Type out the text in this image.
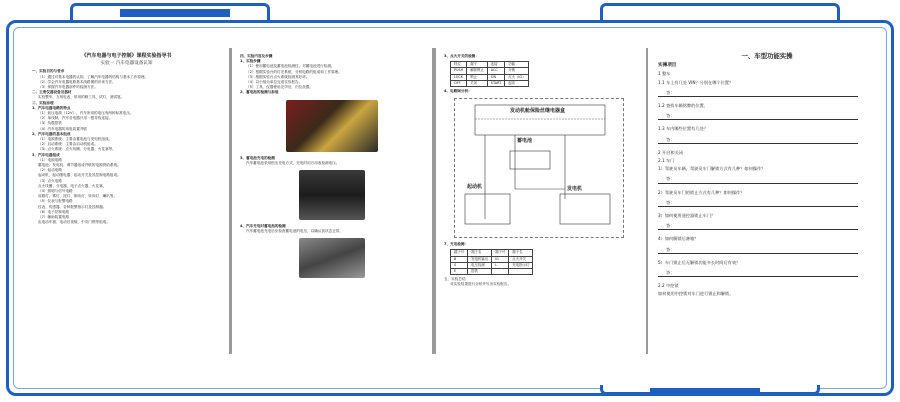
《汽车电器与电子控制》课程实验指导书
实验一 汽车电器设备认知
一、实验目的与要求
（1）通过对基本电器的认知，了解汽车电器的结构与基本工作原理。
（2）学会汽车电器电路基本线路图的识读方法。
（3）掌握汽车电器部件的检测方法。
二、主要仪器设备及器材
实验整车，万用电表，常用的修工具，试灯，测试笔。
三、实验原理
1、汽车电器电路的特点
（1）低压电源（12V），汽车所用的电压有两种标准电压。
（2）单线制，汽车各电器只用一根导线连接。
（3）负极搭铁
（4）汽车电器的用电装置并联
2、汽车电器的基本组成
（1）电源系统：主要由蓄电池与发电机组成。
（2）启动系统：主要由启动机组成。
（3）点火系统：点火线圈、分电器、火花塞等。
3、汽车电器组成
（1）电源电路
蓄电池、发电机、调节器组成并联的电源供给系统。
（2）起动电路
起动机、起动继电器、起动开关及其控制电路组成。
（3）点火电路
点火线圈、分电器、电子点火器、火花塞。
（4）照明与信号电路
前照灯、雾灯、尾灯、制动灯、转向灯、喇叭等。
（5）仪表与报警电路
仪表、传感器、各种报警指示灯及控制器。
（6）电子控制电路
（7）辅助装置电路
由电动车窗、电动后视镜、中央门锁等组成。
四、实验内容及步骤
1、实验步骤
（1）使用蓄电池及蓄电池检测仪，对蓄电池进行检测。
（2）根据实验台的灯光系统，分析电路的组成和工作原理。
（3）根据实验台点火系统检测其好坏。
（4）以小组为单位完成实验报告。
（5）工具、仪器使用完毕后，归位放置。
2、蓄电池的检测与拆装
3、蓄电池充电的检测
汽车蓄电池采用恒压充电方式，充电时用万用表检测电压。
4、汽车充电时蓄电池的检测
汽车蓄电池充电后应检查蓄电池的电压，以确认其状态正常。
3、点火开关的检测：
档位	端子	连接	功能
PUSH	解除锁止	ACC	开锁
LOCK	锁止	ON	点火（IG）
OFF	关闭	START	起动
4、电路图分析：
发动机舱保险丝继电器盒
蓄电池
起动机	发电机
7、充电检测：
端子号	端子名	端子号	端子名
B	发电机输出	IG	点火开关
S	电压检测	L	充电指示灯
E	搭铁		
五、实验总结
对实验结果进行分析并写出实验报告。
一、车型功能实操
实操项目
1 整车
1.1 车上有几处 VIN？分别在哪个位置？
答：
1.2 查找车辆铭牌的位置。
答：
1.3 车内哪些位置有几处？
答：
2 开启和关闭
2.1 车门
1）驾驶员车辆，驾驶员车门解锁方式有几种？如何操作？
答：
2）驾驶员车门的锁止方式有几种？如何操作？
答：
3）如何使用遥控器锁止车门？
答：
4）如何解锁后备箱？
答：
5）车门锁止后无解锁功能多长时间后有效？
答：
2.2 中控锁
如何使用中控锁对车门进行锁止和解锁。
